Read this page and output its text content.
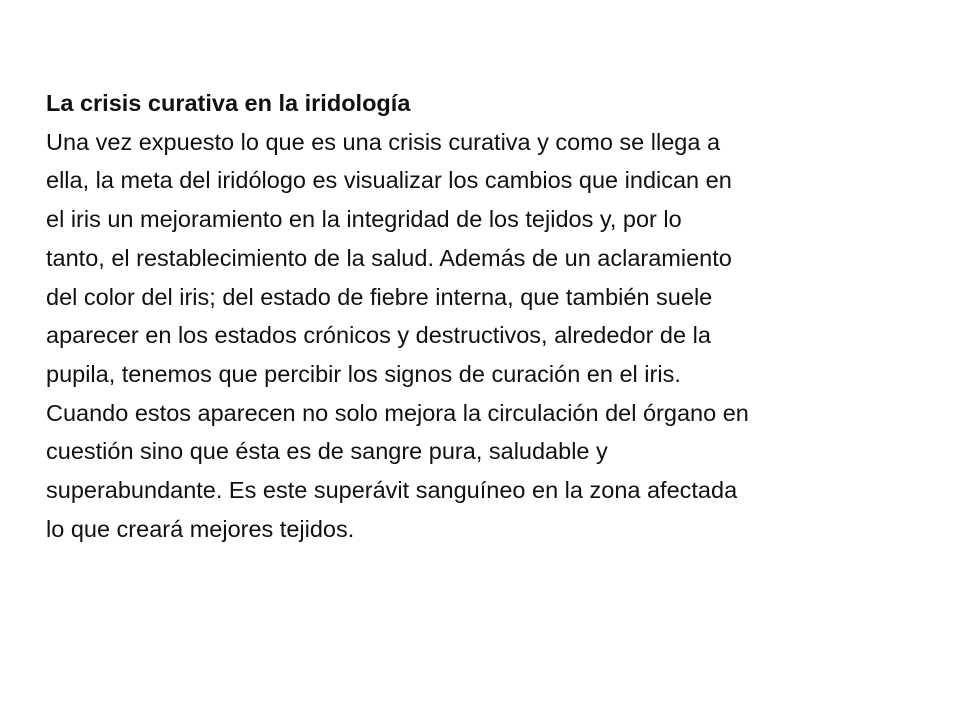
La crisis curativa en la iridología
Una vez expuesto lo que es una crisis curativa y como se llega a
ella, la meta del iridólogo es visualizar los cambios que indican en
el iris un mejoramiento en la integridad de los tejidos y, por lo
tanto, el restablecimiento de la salud. Además de un aclaramiento
del color del iris; del estado de fiebre interna, que también suele
aparecer en los estados crónicos y destructivos, alrededor de la
pupila, tenemos que percibir los signos de curación en el iris.
Cuando estos aparecen no solo mejora la circulación del órgano en
cuestión sino que ésta es de sangre pura, saludable y
superabundante. Es este superávit sanguíneo en la zona afectada
lo que creará mejores tejidos.
